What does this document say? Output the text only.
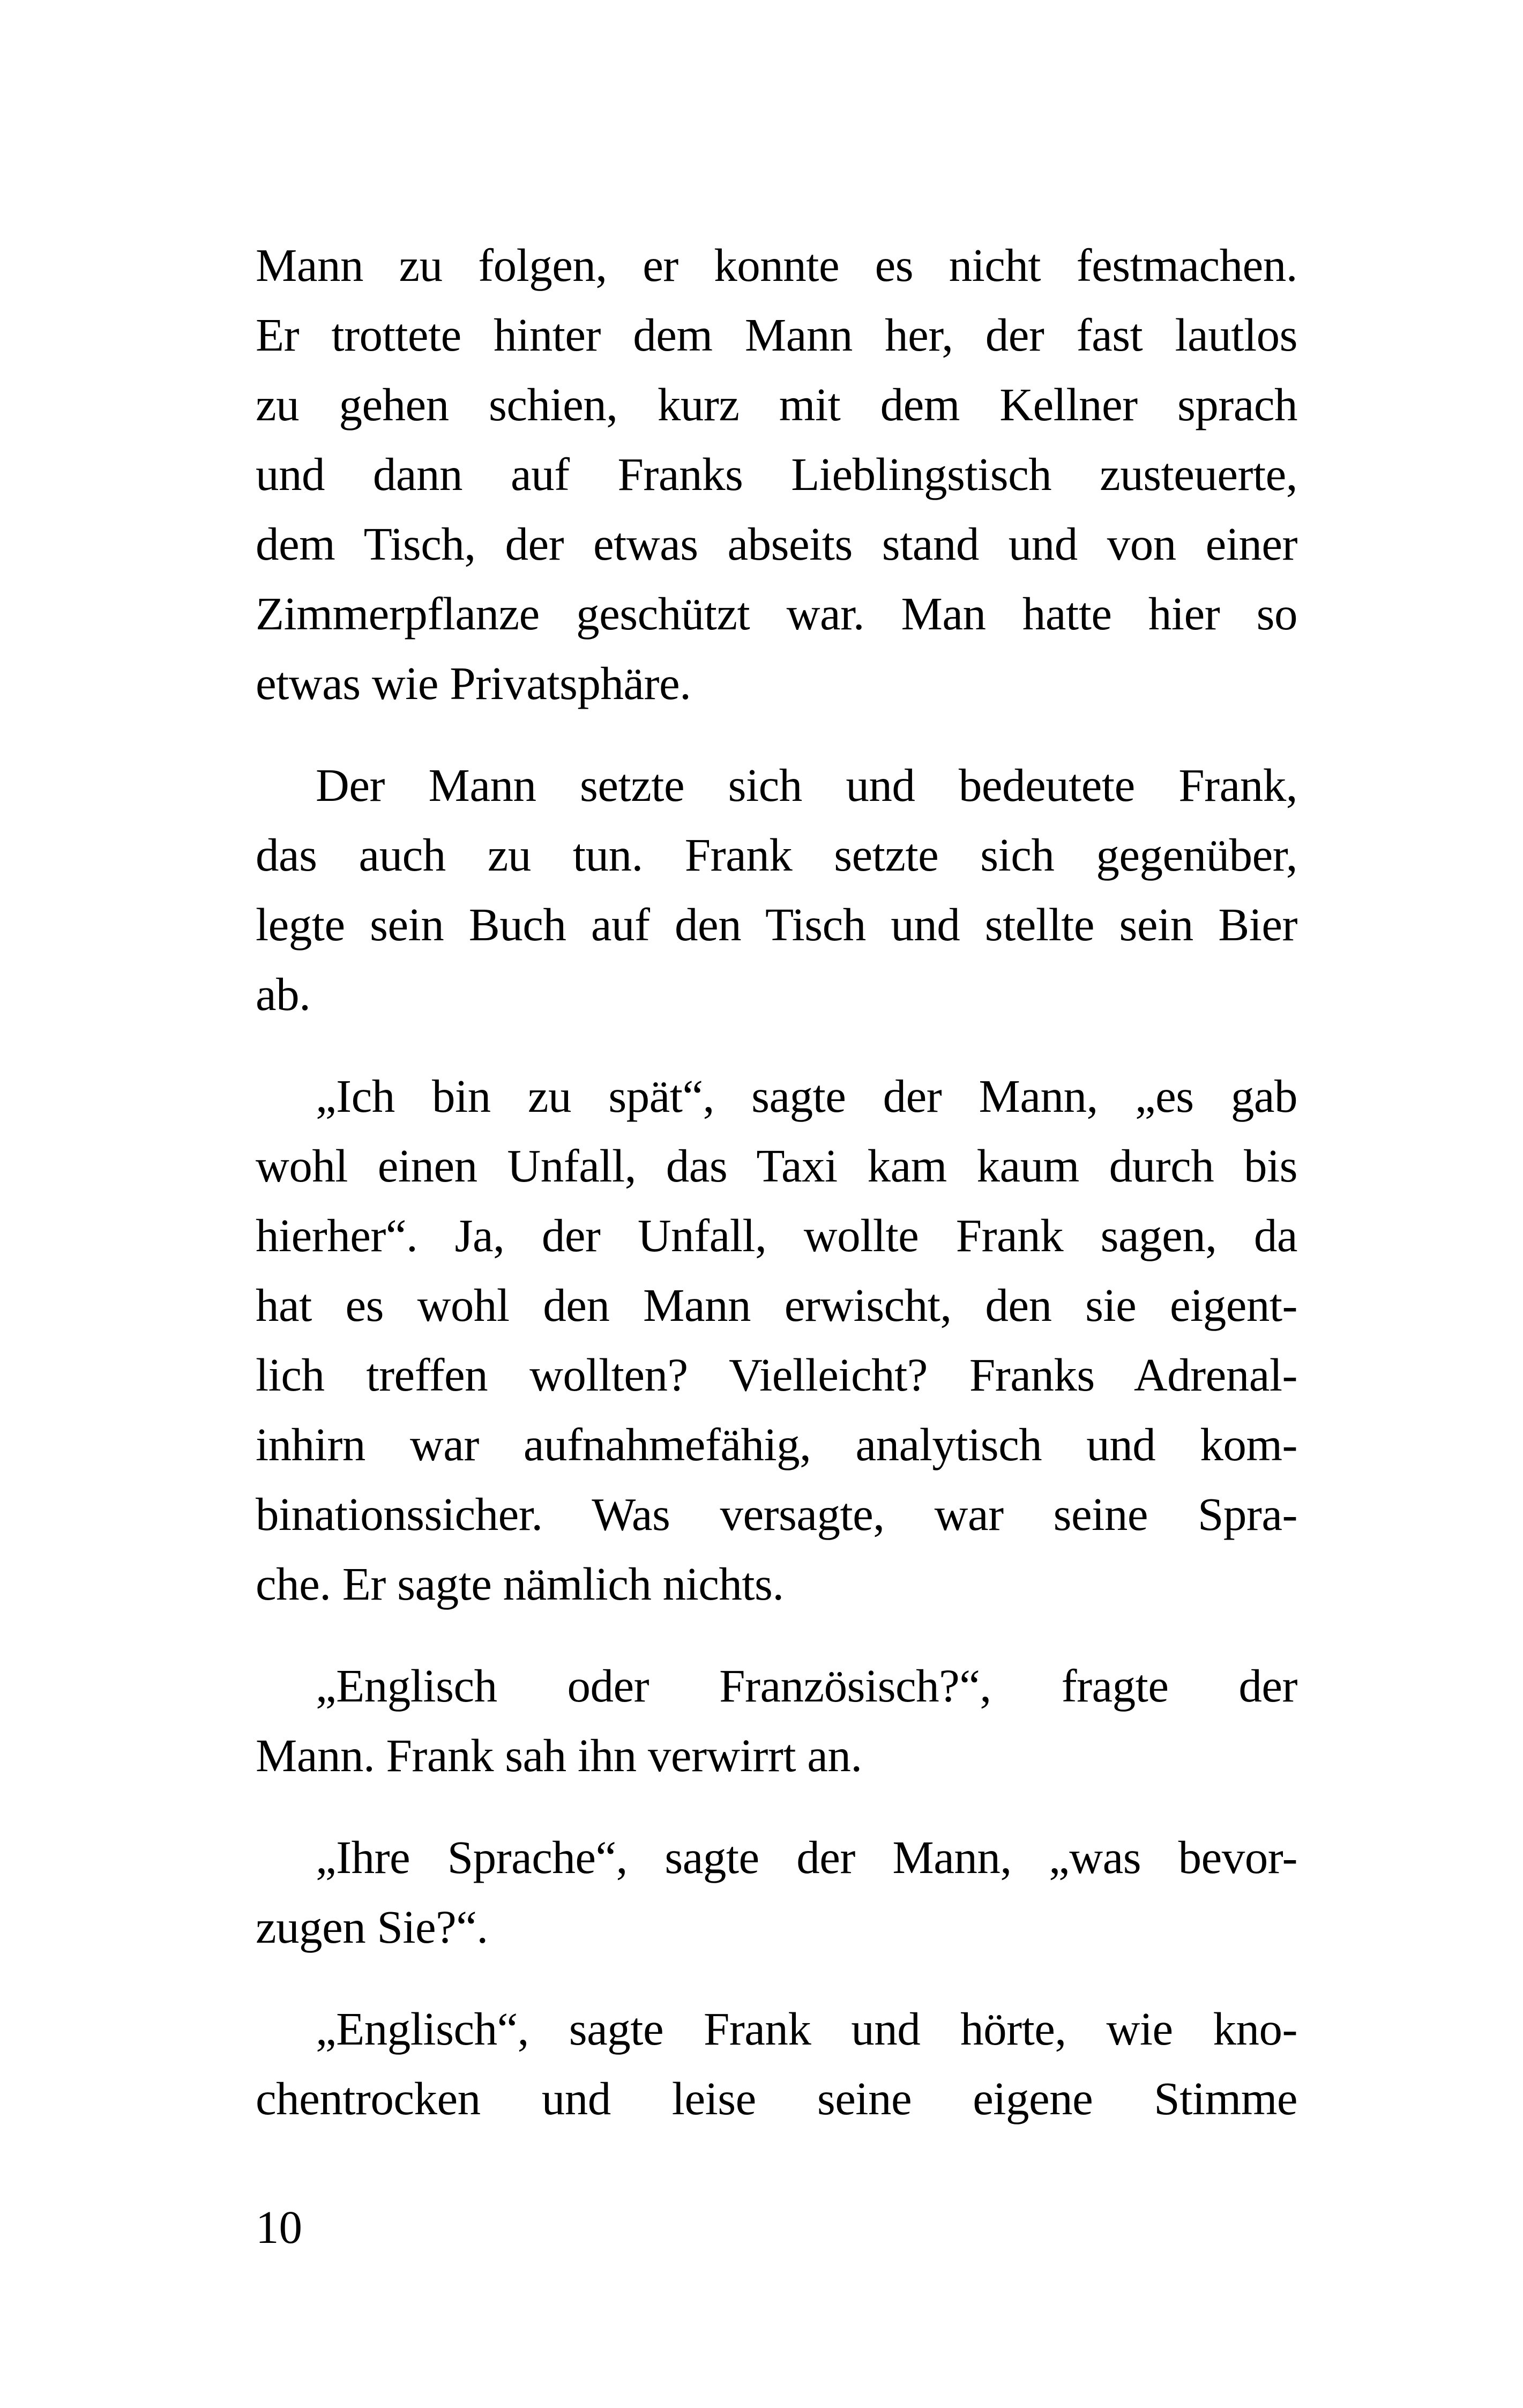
Mann zu folgen, er konnte es nicht festmachen.
Er trottete hinter dem Mann her, der fast lautlos
zu gehen schien, kurz mit dem Kellner sprach
und dann auf Franks Lieblingstisch zusteuerte,
dem Tisch, der etwas abseits stand und von einer
Zimmerpflanze geschützt war. Man hatte hier so
etwas wie Privatsphäre.
Der Mann setzte sich und bedeutete Frank,
das auch zu tun. Frank setzte sich gegenüber,
legte sein Buch auf den Tisch und stellte sein Bier
ab.
„Ich bin zu spät“, sagte der Mann, „es gab
wohl einen Unfall, das Taxi kam kaum durch bis
hierher“. Ja, der Unfall, wollte Frank sagen, da
hat es wohl den Mann erwischt, den sie eigent-
lich treffen wollten? Vielleicht? Franks Adrenal-
inhirn war aufnahmefähig, analytisch und kom-
binationssicher. Was versagte, war seine Spra-
che. Er sagte nämlich nichts.
„Englisch oder Französisch?“, fragte der
Mann. Frank sah ihn verwirrt an.
„Ihre Sprache“, sagte der Mann, „was bevor-
zugen Sie?“.
„Englisch“, sagte Frank und hörte, wie kno-
chentrocken und leise seine eigene Stimme
10
